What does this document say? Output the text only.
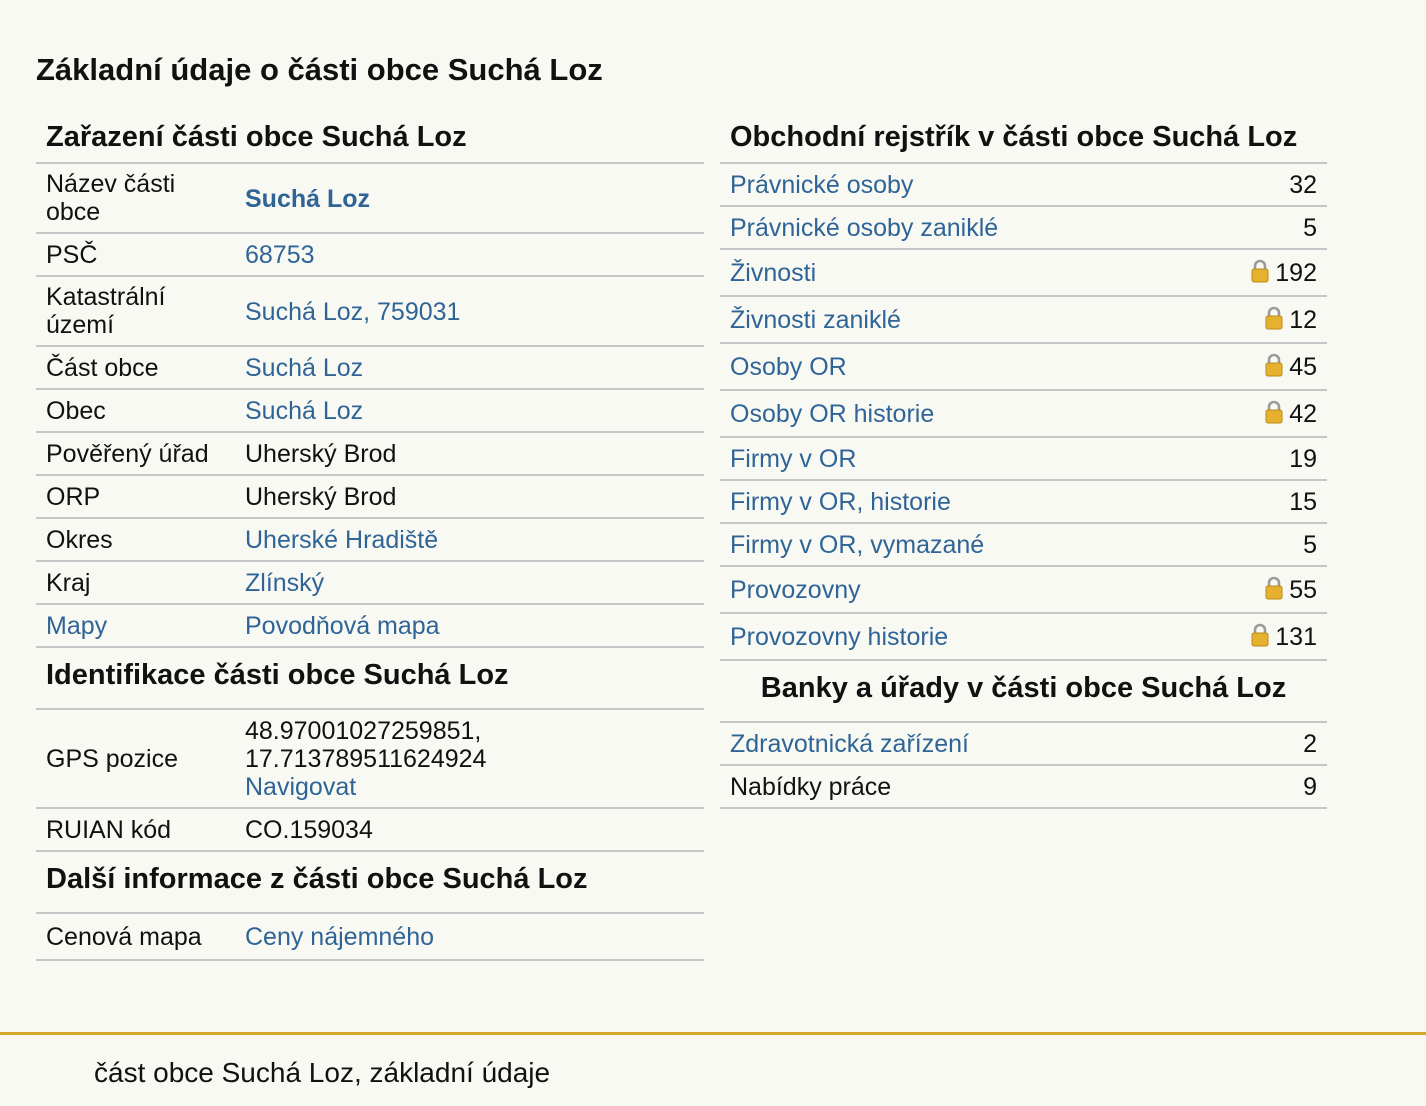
Základní údaje o části obce Suchá Loz
Zařazení části obce Suchá Loz
Název části obce	Suchá Loz
PSČ	68753
Katastrální území	Suchá Loz, 759031
Část obce	Suchá Loz
Obec	Suchá Loz
Pověřený úřad	Uherský Brod
ORP	Uherský Brod
Okres	Uherské Hradiště
Kraj	Zlínský
Mapy	Povodňová mapa
Identifikace části obce Suchá Loz
GPS pozice	48.97001027259851,
17.713789511624924
Navigovat
RUIAN kód	CO.159034
Další informace z části obce Suchá Loz
Cenová mapa	Ceny nájemného
Obchodní rejstřík v části obce Suchá Loz
Právnické osoby	32
Právnické osoby zaniklé	5
Živnosti	192
Živnosti zaniklé	12
Osoby OR	45
Osoby OR historie	42
Firmy v OR	19
Firmy v OR, historie	15
Firmy v OR, vymazané	5
Provozovny	55
Provozovny historie	131
Banky a úřady v části obce Suchá Loz
Zdravotnická zařízení	2
Nabídky práce	9
část obce Suchá Loz, základní údaje
